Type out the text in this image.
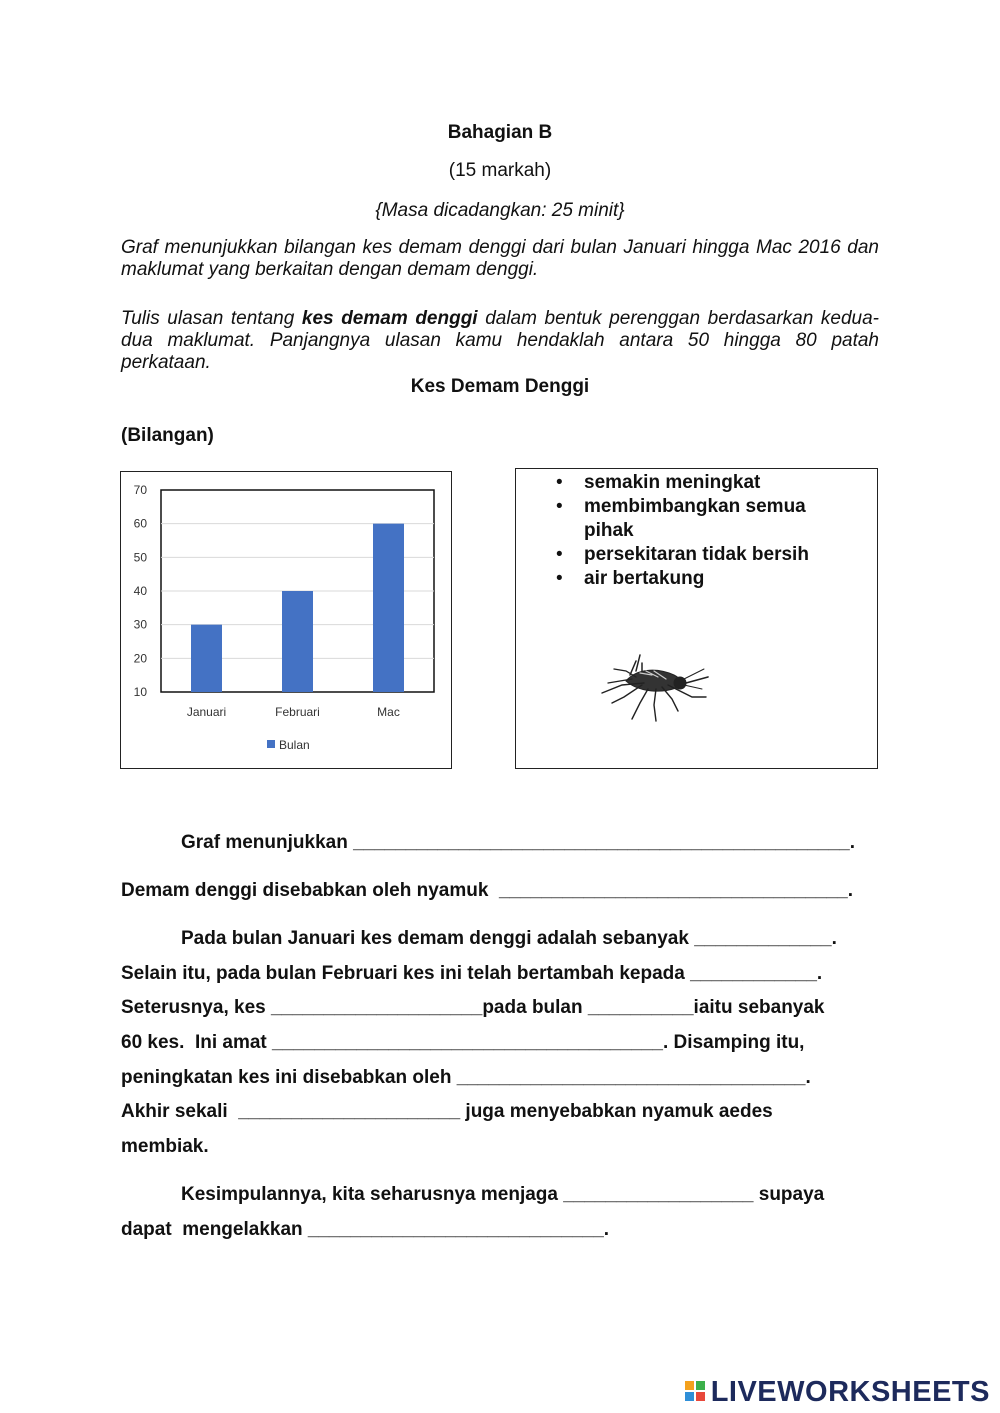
Bahagian B
(15 markah)
{Masa dicadangkan: 25 minit}
Graf menunjukkan bilangan kes demam denggi dari bulan Januari hingga Mac 2016 dan maklumat yang berkaitan dengan demam denggi.
Tulis ulasan tentang kes demam denggi dalam bentuk perenggan berdasarkan kedua-dua maklumat. Panjangnya ulasan kamu hendaklah antara 50 hingga 80 patah perkataan.
Kes Demam Denggi
(Bilangan)
10
20
30
40
50
60
70
Januari	Februari	Mac
Bulan
• semakin meningkat
• membimbangkan semua pihak
• persekitaran tidak bersih
• air bertakung
Graf menunjukkan _______________________________________________.
Demam denggi disebabkan oleh nyamuk  _________________________________.
Pada bulan Januari kes demam denggi adalah sebanyak _____________.
Selain itu, pada bulan Februari kes ini telah bertambah kepada ____________.
Seterusnya, kes ____________________pada bulan __________iaitu sebanyak
60 kes.  Ini amat _____________________________________. Disamping itu,
peningkatan kes ini disebabkan oleh _________________________________.
Akhir sekali  _____________________ juga menyebabkan nyamuk aedes
membiak.
Kesimpulannya, kita seharusnya menjaga __________________ supaya
dapat  mengelakkan ____________________________.
LIVEWORKSHEETS
